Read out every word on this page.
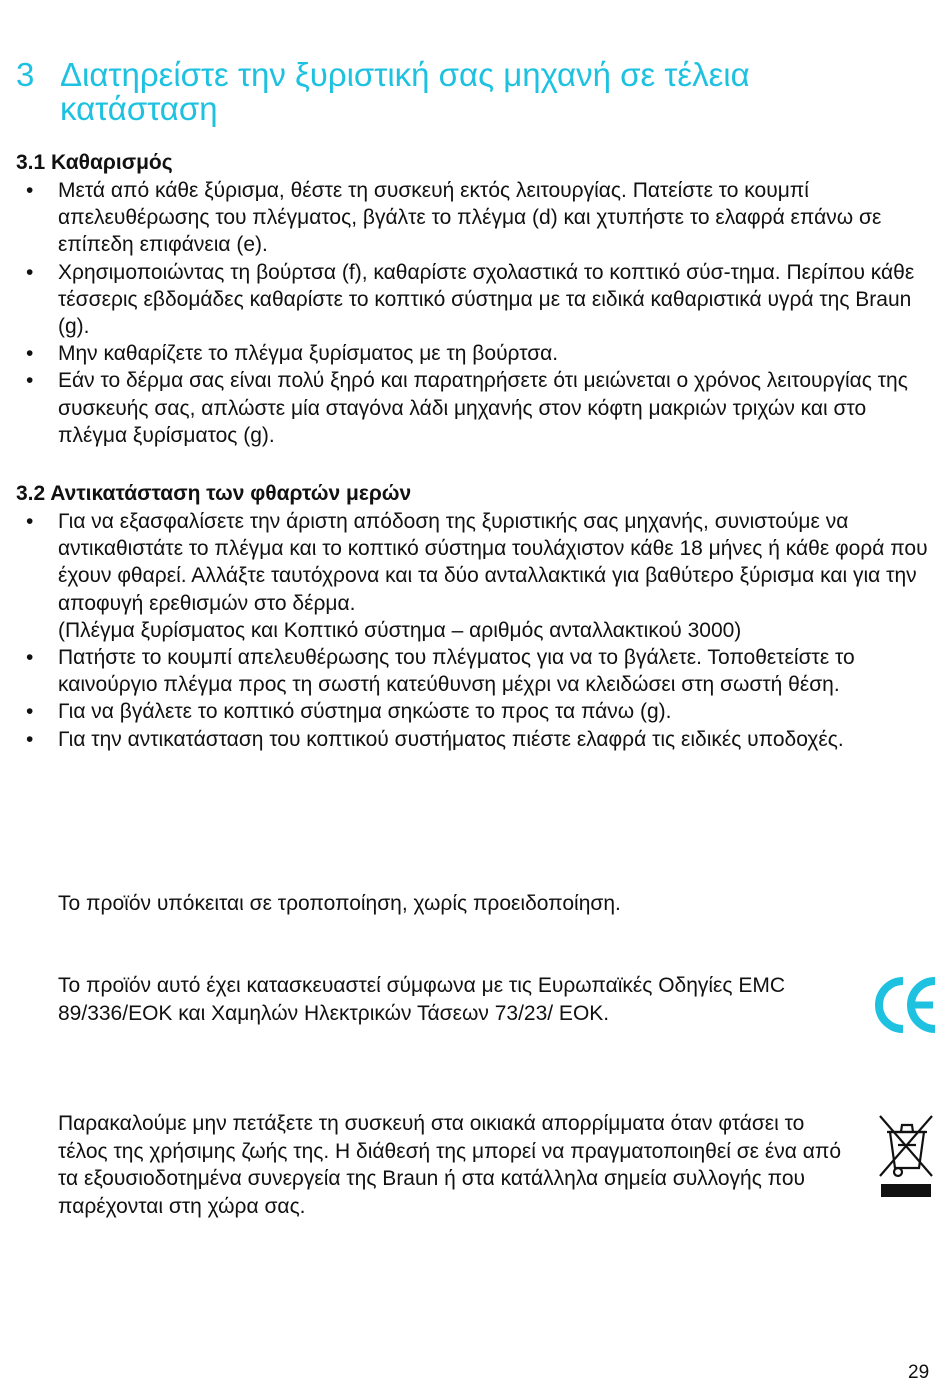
3 Διατηρείστε την ξυριστική σας μηχανή σε τέλεια κατάσταση
3.1 Καθαρισμός
• Μετά από κάθε ξύρισμα, θέστε τη συσκευή εκτός λειτουργίας. Πατείστε το κουμπί απελευθέρωσης του πλέγματος, βγάλτε το πλέγμα (d) και χτυπήστε το ελαφρά επάνω σε επίπεδη επιφάνεια (e).
• Χρησιμοποιώντας τη βούρτσα (f), καθαρίστε σχολαστικά το κοπτικό σύσ-τημα. Περίπου κάθε τέσσερις εβδομάδες καθαρίστε το κοπτικό σύστημα με τα ειδικά καθαριστικά υγρά της Braun (g).
• Μην καθαρίζετε το πλέγμα ξυρίσματος με τη βούρτσα.
• Εάν το δέρμα σας είναι πολύ ξηρό και παρατηρήσετε ότι μειώνεται ο χρόνος λειτουργίας της συσκευής σας, απλώστε μία σταγόνα λάδι μηχανής στον κόφτη μακριών τριχών και στο πλέγμα ξυρίσματος (g).
3.2 Αντικατάσταση των φθαρτών μερών
• Για να εξασφαλίσετε την άριστη απόδοση της ξυριστικής σας μηχανής, συνιστούμε να αντικαθιστάτε το πλέγμα και το κοπτικό σύστημα τουλάχιστον κάθε 18 μήνες ή κάθε φορά που έχουν φθαρεί. Αλλάξτε ταυτόχρονα και τα δύο ανταλλακτικά για βαθύτερο ξύρισμα και για την αποφυγή ερεθισμών στο δέρμα.
(Πλέγμα ξυρίσματος και Κοπτικό σύστημα – αριθμός ανταλλακτικού 3000)
• Πατήστε το κουμπί απελευθέρωσης του πλέγματος για να το βγάλετε. Τοποθετείστε το καινούργιο πλέγμα προς τη σωστή κατεύθυνση μέχρι να κλειδώσει στη σωστή θέση.
• Για να βγάλετε το κοπτικό σύστημα σηκώστε το προς τα πάνω (g).
• Για την αντικατάσταση του κοπτικού συστήματος πιέστε ελαφρά τις ειδικές υποδοχές.

Το προϊόν υπόκειται σε τροποποίηση, χωρίς προειδοποίηση.

Το προϊόν αυτό έχει κατασκευαστεί σύμφωνα με τις Ευρωπαϊκές Οδηγίες EMC 89/336/ΕΟΚ και Χαμηλών Ηλεκτρικών Τάσεων 73/23/ ΕΟΚ.

Παρακαλούμε μην πετάξετε τη συσκευή στα οικιακά απορρίμματα όταν φτάσει το τέλος της χρήσιμης ζωής της. Η διάθεσή της μπορεί να πραγματοποιηθεί σε ένα από τα εξουσιοδοτημένα συνεργεία της Braun ή στα κατάλληλα σημεία συλλογής που παρέχονται στη χώρα σας.

29
